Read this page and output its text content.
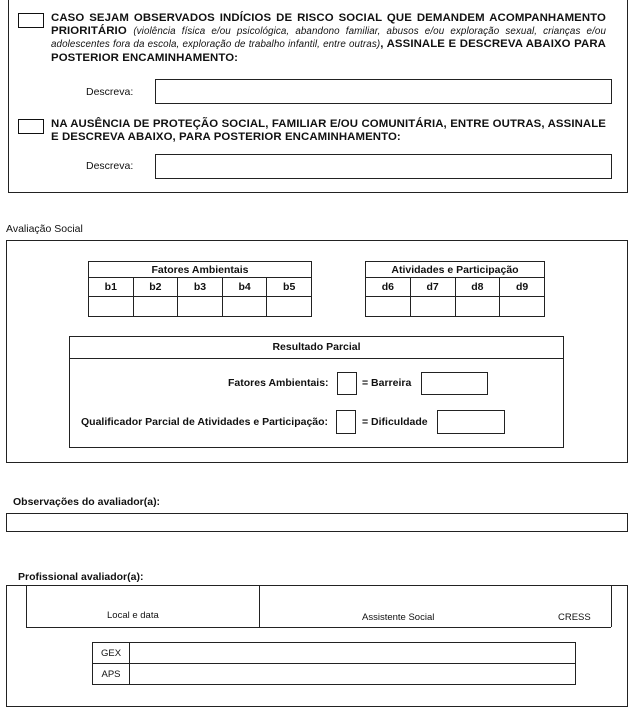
CASO SEJAM OBSERVADOS INDÍCIOS DE RISCO SOCIAL QUE DEMANDEM ACOMPANHAMENTO PRIORITÁRIO (violência física e/ou psicológica, abandono familiar, abusos e/ou exploração sexual, crianças e/ou adolescentes fora da escola, exploração de trabalho infantil, entre outras), ASSINALE E DESCREVA ABAIXO PARA POSTERIOR ENCAMINHAMENTO:
Descreva:
NA AUSÊNCIA DE PROTEÇÃO SOCIAL, FAMILIAR E/OU COMUNITÁRIA, ENTRE OUTRAS, ASSINALE E DESCREVA ABAIXO, PARA POSTERIOR ENCAMINHAMENTO:
Descreva:
Avaliação Social
Fatores Ambientais				
b1	b2	b3	b4	b5

Atividades e Participação			
d6	d7	d8	d9

Resultado Parcial
Fatores Ambientais:	= Barreira
Qualificador Parcial de Atividades e Participação:	= Dificuldade
Observações do avaliador(a):
Profissional avaliador(a):
Local e data	Assistente Social	CRESS
GEX	
APS	
